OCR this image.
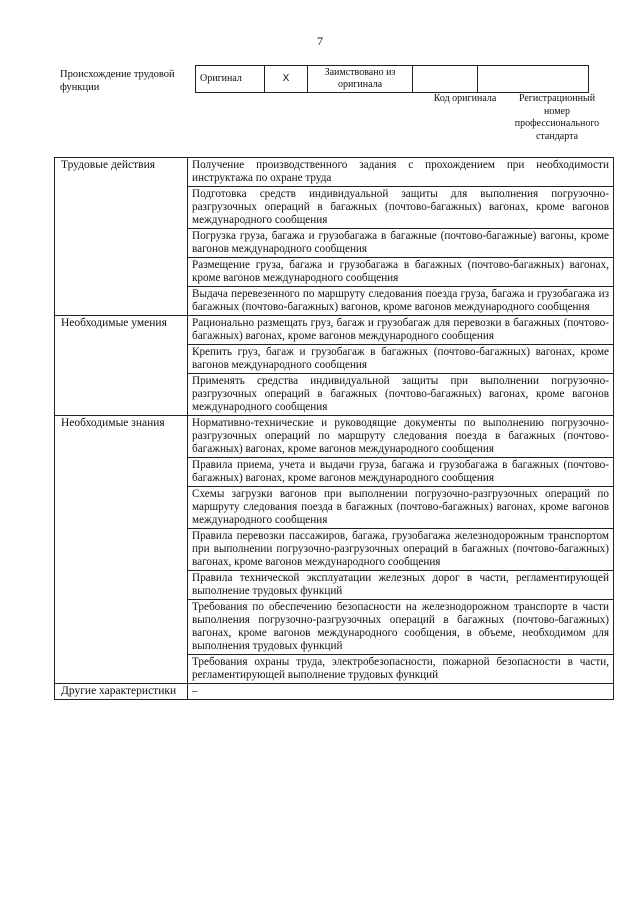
7
Происхождение трудовой функции
Оригинал	X	Заимствовано из оригинала		
Код оригинала	Регистрационный номер профессионального стандарта
Трудовые действия	Получение производственного задания с прохождением при необходимости инструктажа по охране труда
	Подготовка средств индивидуальной защиты для выполнения погрузочно-разгрузочных операций в багажных (почтово-багажных) вагонах, кроме вагонов международного сообщения
	Погрузка груза, багажа и грузобагажа в багажные (почтово-багажные) вагоны, кроме вагонов международного сообщения
	Размещение груза, багажа и грузобагажа в багажных (почтово-багажных) вагонах, кроме вагонов международного сообщения
	Выдача перевезенного по маршруту следования поезда груза, багажа и грузобагажа из багажных (почтово-багажных) вагонов, кроме вагонов международного сообщения
Необходимые умения	Рационально размещать груз, багаж и грузобагаж для перевозки в багажных (почтово-багажных) вагонах, кроме вагонов международного сообщения
	Крепить груз, багаж и грузобагаж в багажных (почтово-багажных) вагонах, кроме вагонов международного сообщения
	Применять средства индивидуальной защиты при выполнении погрузочно-разгрузочных операций в багажных (почтово-багажных) вагонах, кроме вагонов международного сообщения
Необходимые знания	Нормативно-технические и руководящие документы по выполнению погрузочно-разгрузочных операций по маршруту следования поезда в багажных (почтово-багажных) вагонах, кроме вагонов международного сообщения
	Правила приема, учета и выдачи груза, багажа и грузобагажа в багажных (почтово-багажных) вагонах, кроме вагонов международного сообщения
	Схемы загрузки вагонов при выполнении погрузочно-разгрузочных операций по маршруту следования поезда в багажных (почтово-багажных) вагонах, кроме вагонов международного сообщения
	Правила перевозки пассажиров, багажа, грузобагажа железнодорожным транспортом при выполнении погрузочно-разгрузочных операций в багажных (почтово-багажных) вагонах, кроме вагонов международного сообщения
	Правила технической эксплуатации железных дорог в части, регламентирующей выполнение трудовых функций
	Требования по обеспечению безопасности на железнодорожном транспорте в части выполнения погрузочно-разгрузочных операций в багажных (почтово-багажных) вагонах, кроме вагонов международного сообщения, в объеме, необходимом для выполнения трудовых функций
	Требования охраны труда, электробезопасности, пожарной безопасности в части, регламентирующей выполнение трудовых функций
Другие характеристики	–
